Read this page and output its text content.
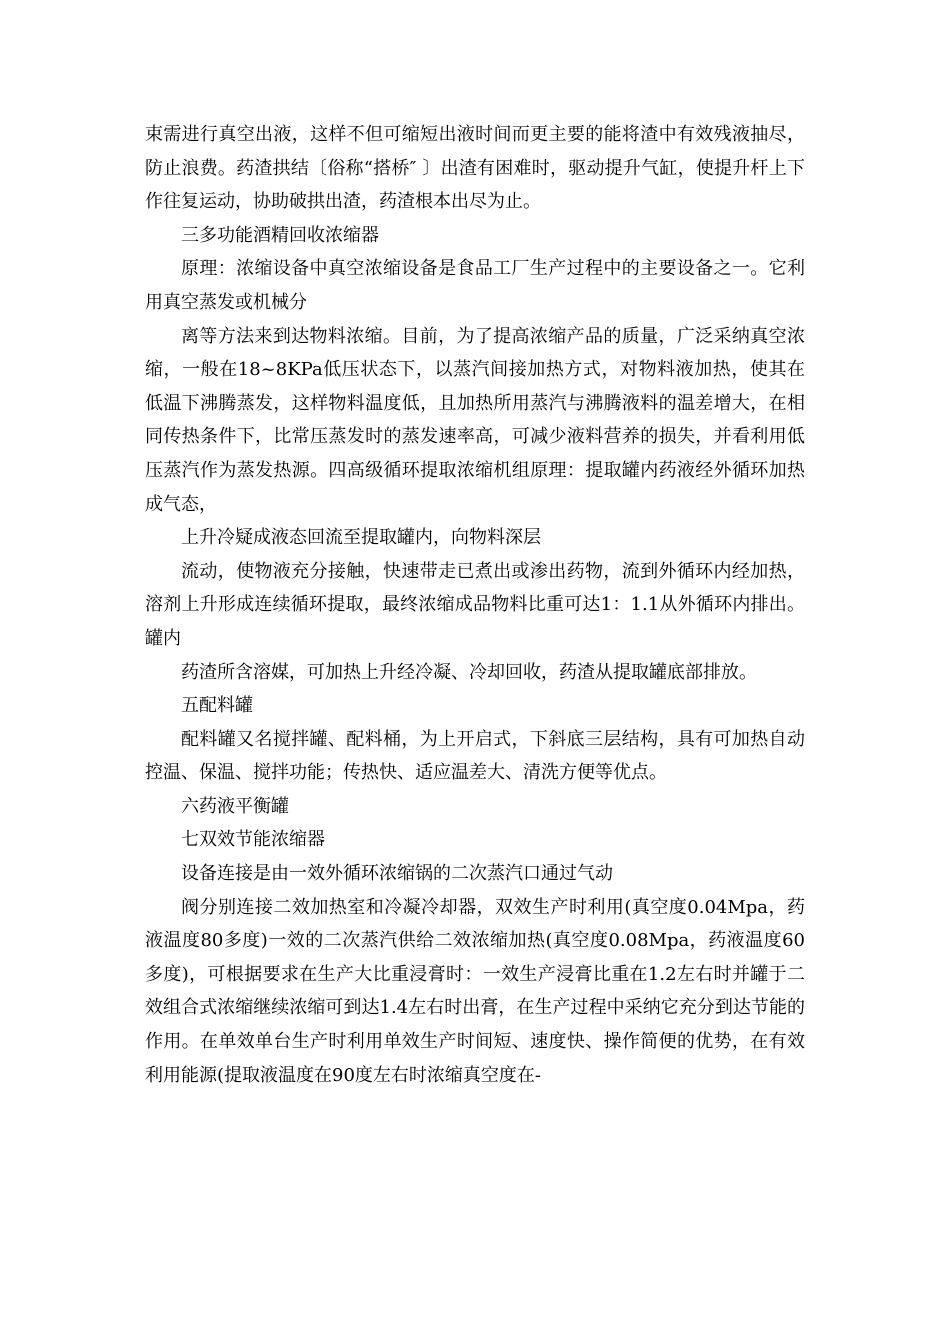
束需进行真空出液，这样不但可缩短出液时间而更主要的能将渣中有效残液抽尽，防止浪费。药渣拱结〔俗称“搭桥″ 〕出渣有困难时，驱动提升气缸，使提升杆上下作往复运动，协助破拱出渣，药渣根本出尽为止。

三多功能酒精回收浓缩器

原理：浓缩设备中真空浓缩设备是食品工厂生产过程中的主要设备之一。它利用真空蒸发或机械分

离等方法来到达物料浓缩。目前，为了提高浓缩产品的质量，广泛采纳真空浓缩，一般在18~8KPa低压状态下，以蒸汽间接加热方式，对物料液加热，使其在低温下沸腾蒸发，这样物料温度低，且加热所用蒸汽与沸腾液料的温差增大，在相同传热条件下，比常压蒸发时的蒸发速率高，可减少液料营养的损失，并看利用低压蒸汽作为蒸发热源。四高级循环提取浓缩机组原理：提取罐内药液经外循环加热成气态，

上升冷疑成液态回流至提取罐内，向物料深层

流动，使物液充分接触，快速带走已煮出或渗出药物，流到外循环内经加热，溶剂上升形成连续循环提取，最终浓缩成品物料比重可达1：1.1从外循环内排出。罐内

药渣所含溶媒，可加热上升经冷凝、冷却回收，药渣从提取罐底部排放。

五配料罐

配料罐又名搅拌罐、配料桶，为上开启式，下斜底三层结构，具有可加热自动控温、保温、搅拌功能；传热快、适应温差大、清洗方便等优点。

六药液平衡罐

七双效节能浓缩器

设备连接是由一效外循环浓缩锅的二次蒸汽口通过气动

阀分别连接二效加热室和冷凝冷却器，双效生产时利用(真空度0.04Mpa，药液温度80多度)一效的二次蒸汽供给二效浓缩加热(真空度0.08Mpa，药液温度60多度)，可根据要求在生产大比重浸膏时：一效生产浸膏比重在1.2左右时并罐于二效组合式浓缩继续浓缩可到达1.4左右时出膏，在生产过程中采纳它充分到达节能的作用。在单效单台生产时利用单效生产时间短、速度快、操作简便的优势，在有效利用能源(提取液温度在90度左右时浓缩真空度在-
